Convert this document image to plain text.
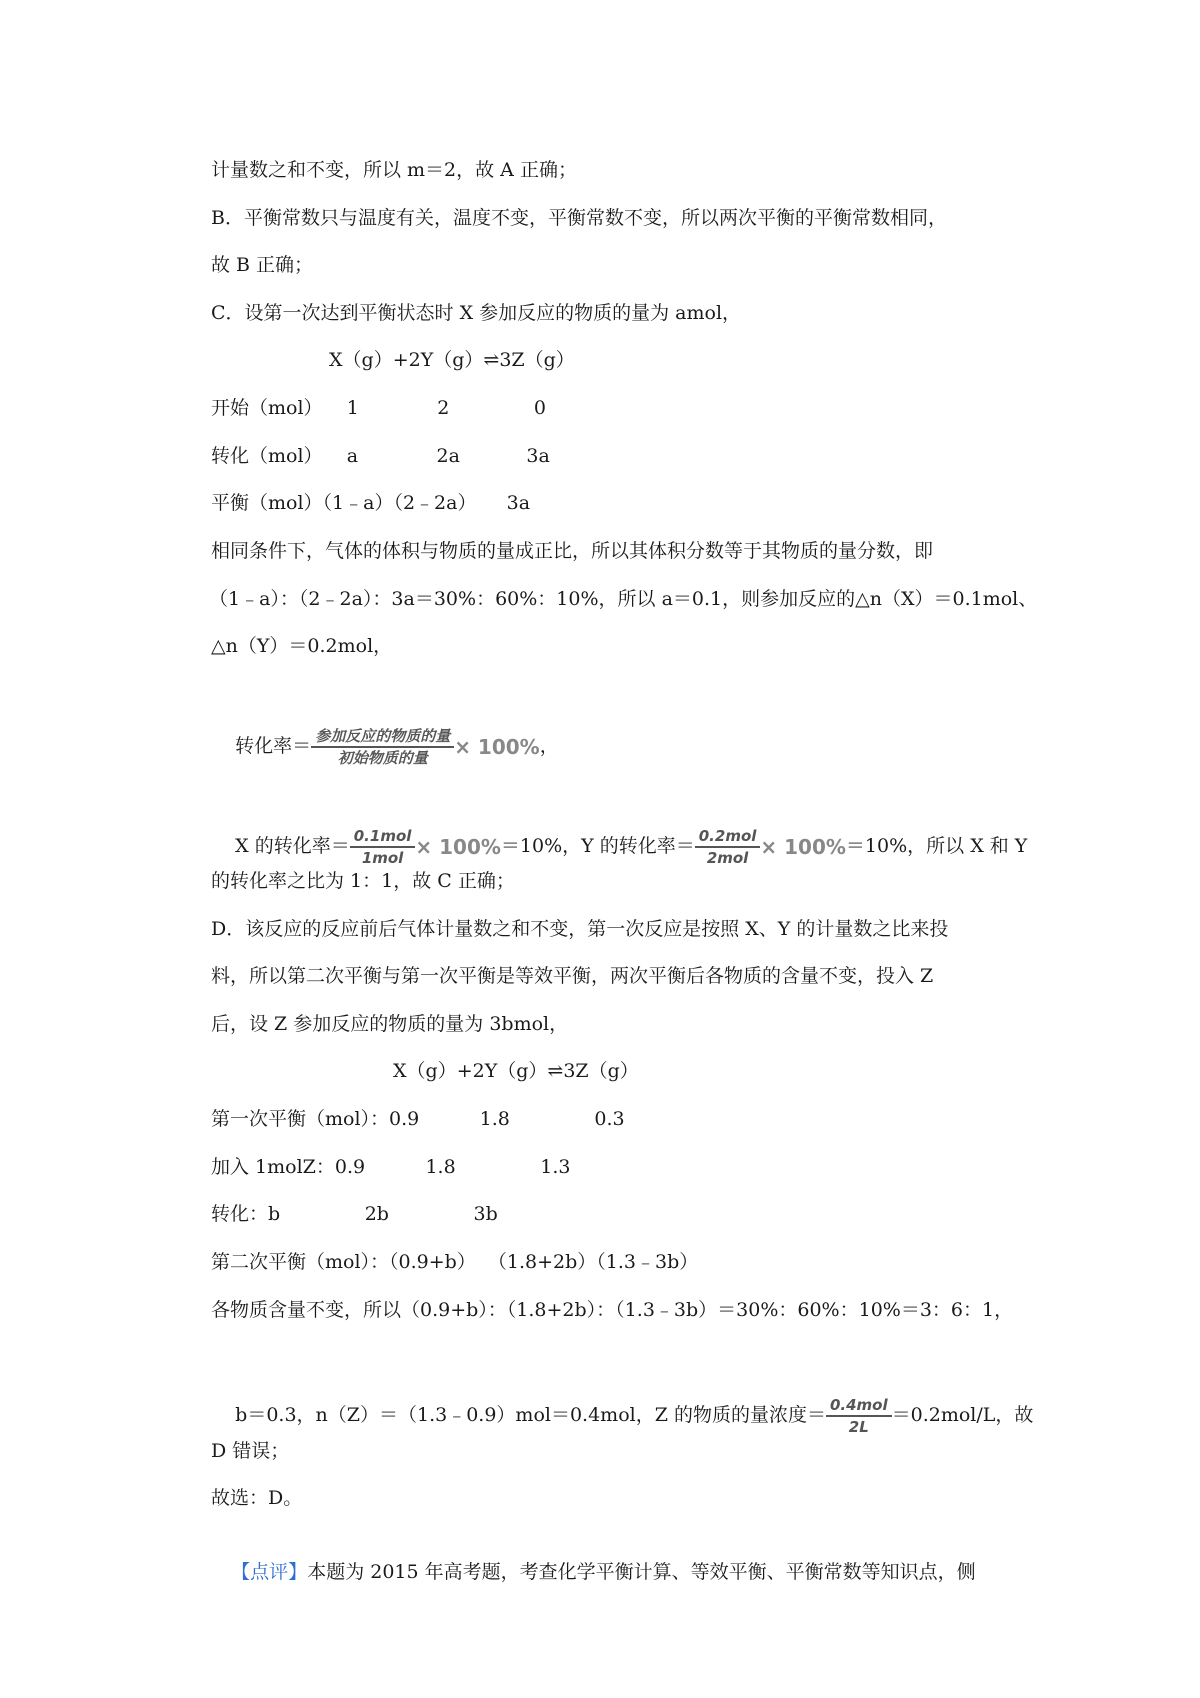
计量数之和不变，所以 m＝2，故 A 正确；
B．平衡常数只与温度有关，温度不变，平衡常数不变，所以两次平衡的平衡常数相同，
故 B 正确；
C．设第一次达到平衡状态时 X 参加反应的物质的量为 amol，
X（g）+2Y（g）⇌3Z（g）
开始（mol）    1             2              0
转化（mol）    a             2a           3a
平衡（mol）（1﹣a）（2﹣2a）     3a
相同条件下，气体的体积与物质的量成正比，所以其体积分数等于其物质的量分数，即
（1﹣a）：（2﹣2a）：3a＝30%：60%：10%，所以 a＝0.1，则参加反应的△n（X）＝0.1mol、
△n（Y）＝0.2mol，

转化率＝ $\frac{\text{参加反应的物质的量}}{\text{初始物质的量}} \times 100\%$，

X 的转化率＝ $\frac{\text{0.1mol}}{\text{1mol}} \times 100\%=10\%$，Y 的转化率＝ $\frac{\text{0.2mol}}{\text{2mol}} \times 100\%=10\%$，所以 X 和 Y

的转化率之比为 1：1，故 C 正确；
D．该反应的反应前后气体计量数之和不变，第一次反应是按照 X、Y 的计量数之比来投
料，所以第二次平衡与第一次平衡是等效平衡，两次平衡后各物质的含量不变，投入 Z
后，设 Z 参加反应的物质的量为 3bmol，
X（g）+2Y（g）⇌3Z（g）
第一次平衡（mol）：0.9          1.8              0.3
加入 1molZ：0.9          1.8              1.3
转化：b              2b              3b
第二次平衡（mol）：（0.9+b）  （1.8+2b）（1.3﹣3b）
各物质含量不变，所以（0.9+b）：（1.8+2b）：（1.3﹣3b）＝30%：60%：10%＝3：6：1，

b＝0.3，n（Z）＝（1.3﹣0.9）mol＝0.4mol，Z 的物质的量浓度＝ $\frac{\text{0.4mol}}{2L} =0.2mol/L$，故

D 错误；
故选：D。

【点评】本题为 2015 年高考题，考查化学平衡计算、等效平衡、平衡常数等知识点，侧
